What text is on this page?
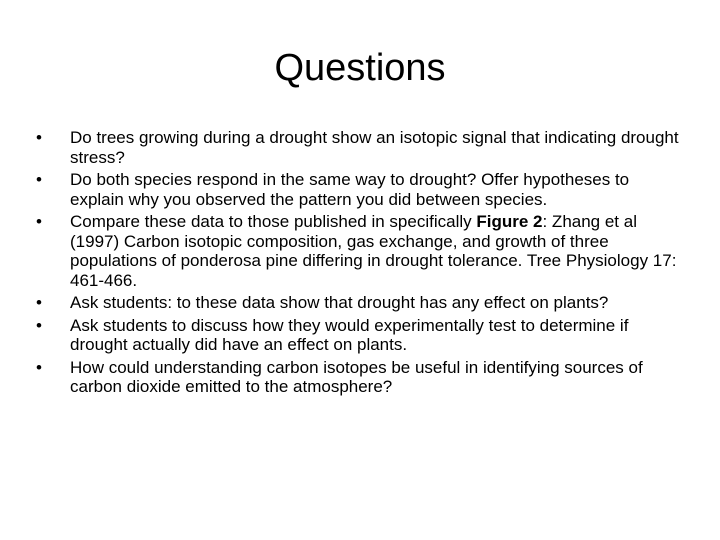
Questions
•	Do trees growing during a drought show an isotopic signal that indicating drought stress?

•	Do both species respond in the same way to drought? Offer hypotheses to explain why you observed the pattern you did between species.

•	Compare these data to those published in specifically Figure 2: Zhang et al (1997) Carbon isotopic composition, gas exchange, and growth of three populations of ponderosa pine differing in drought tolerance. Tree Physiology 17: 461-466.

•	Ask students: to these data show that drought has any effect on plants?

•	Ask students to discuss how they would experimentally test to determine if drought actually did have an effect on plants.

•	How could understanding carbon isotopes be useful in identifying sources of carbon dioxide emitted to the atmosphere?
